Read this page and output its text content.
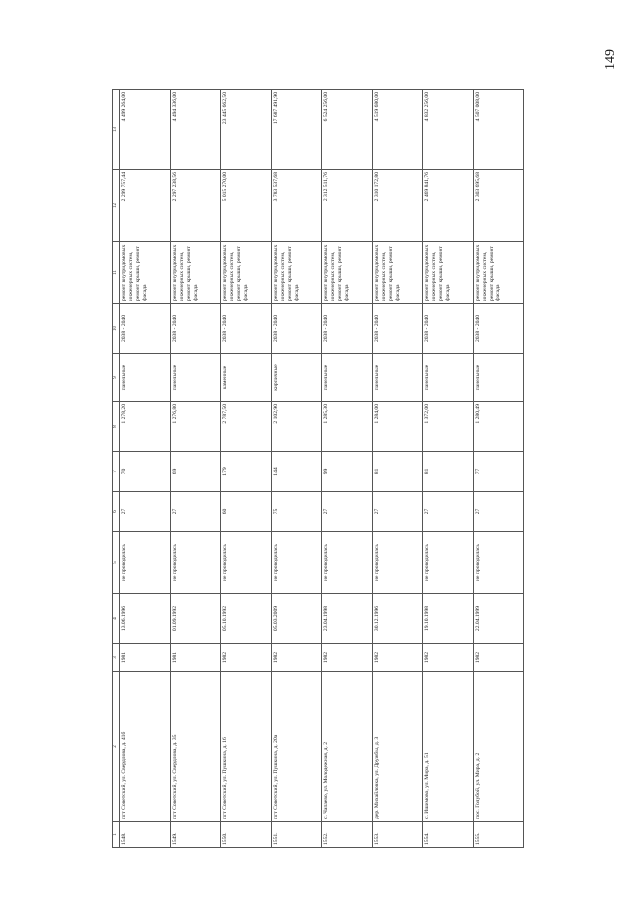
149
1	2	3	4	5	6	7	8	9	10	11	12	13
1548.	пгт Советский, ул. Свердлова, д. 41б	1981	13.06.1996	не проводилась	27	70	1 278,20	панельные	2038 - 2040	ремонт внутридомовых инженерных систем, ремонт крыши, ремонт фасада	2 299 757,44	4 499 264,00
1549.	пгт Советский, ул. Свердлова, д. 35	1981	01.09.1992	не проводилась	27	69	1 276,80	панельные	2038 - 2040	ремонт внутридомовых инженерных систем, ремонт крыши, ремонт фасада	2 297 238,56	4 494 336,00
1550.	пгт Советский, ул. Пушкина, д. 16	1982	05.10.1992	не проводилась	60	179	2 787,50	каменные	2038 - 2040	ремонт внутридомовых инженерных систем, ремонт крыши, ремонт фасада	5 015 270,00	23 445 662,50
1551.	пгт Советский, ул. Пушкина, д. 20а	1982	05.03.2009	не проводилась	75	144	2 102,90	кирпичные	2038 - 2040	ремонт внутридомовых инженерных систем, ремонт крыши, ремонт фасада	3 783 537,68	17 687 491,90
1552.	с. Чапаево, ул. Молодежная, д. 2	1982	23.04.1998	не проводилась	27	99	1 285,30	панельные	2038 - 2040	ремонт внутридомовых инженерных систем, ремонт крыши, ремонт фасада	2 312 511,76	6 524 256,00
1553.	дер. Михайловка, ул. Дружбы, д. 3	1982	30.12.1996	не проводилась	27	81	1 284,00	панельные	2038 - 2040	ремонт внутридомовых инженерных систем, ремонт крыши, ремонт фасада	2 310 172,80	4 519 680,00
1554.	с. Ишимово, ул. Мира, д. 51	1982	19.10.1998	не проводилась	27	81	1 372,00	панельные	2038 - 2040	ремонт внутридомовых инженерных систем, ремонт крыши, ремонт фасада	2 469 841,76	4 832 256,00
1555.	пос. Голубой, ул. Мира, д. 2	1982	22.04.1999	не проводилась	27	77	1 280,49	панельные	2038 - 2040	ремонт внутридомовых инженерных систем, ремонт крыши, ремонт фасада	2 303 695,68	4 507 008,00
